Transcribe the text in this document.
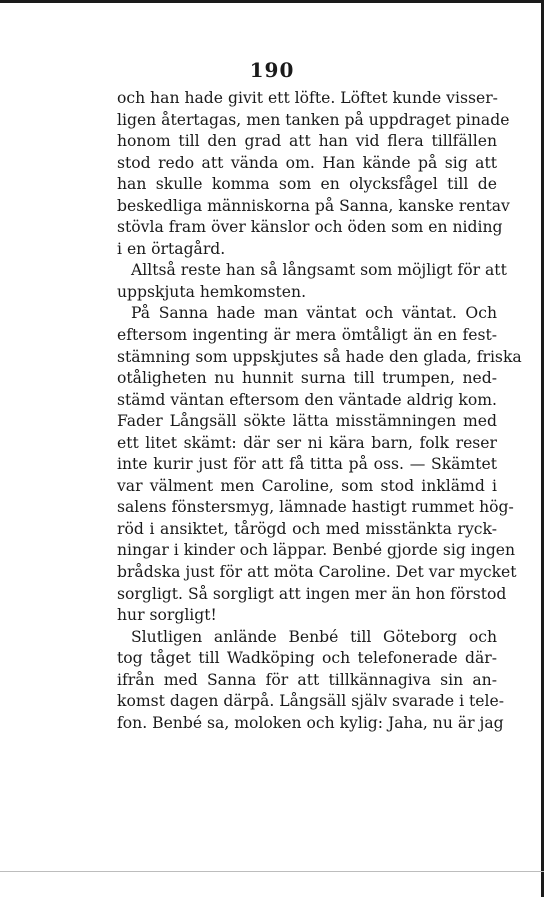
190
och han hade givit ett löfte. Löftet kunde visser-
ligen återtagas, men tanken på uppdraget pinade
honom till den grad att han vid flera tillfällen
stod redo att vända om. Han kände på sig att
han skulle komma som en olycksfågel till de
beskedliga människorna på Sanna, kanske rentav
stövla fram över känslor och öden som en niding
i en örtagård.
Alltså reste han så långsamt som möjligt för att
uppskjuta hemkomsten.
På Sanna hade man väntat och väntat. Och
eftersom ingenting är mera ömtåligt än en fest-
stämning som uppskjutes så hade den glada, friska
otåligheten nu hunnit surna till trumpen, ned-
stämd väntan eftersom den väntade aldrig kom.
Fader Långsäll sökte lätta misstämningen med
ett litet skämt: där ser ni kära barn, folk reser
inte kurir just för att få titta på oss. — Skämtet
var välment men Caroline, som stod inklämd i
salens fönstersmyg, lämnade hastigt rummet hög-
röd i ansiktet, tårögd och med misstänkta ryck-
ningar i kinder och läppar. Benbé gjorde sig ingen
brådska just för att möta Caroline. Det var mycket
sorgligt. Så sorgligt att ingen mer än hon förstod
hur sorgligt!
Slutligen anlände Benbé till Göteborg och
tog tåget till Wadköping och telefonerade där-
ifrån med Sanna för att tillkännagiva sin an-
komst dagen därpå. Långsäll själv svarade i tele-
fon. Benbé sa, moloken och kylig: Jaha, nu är jag
